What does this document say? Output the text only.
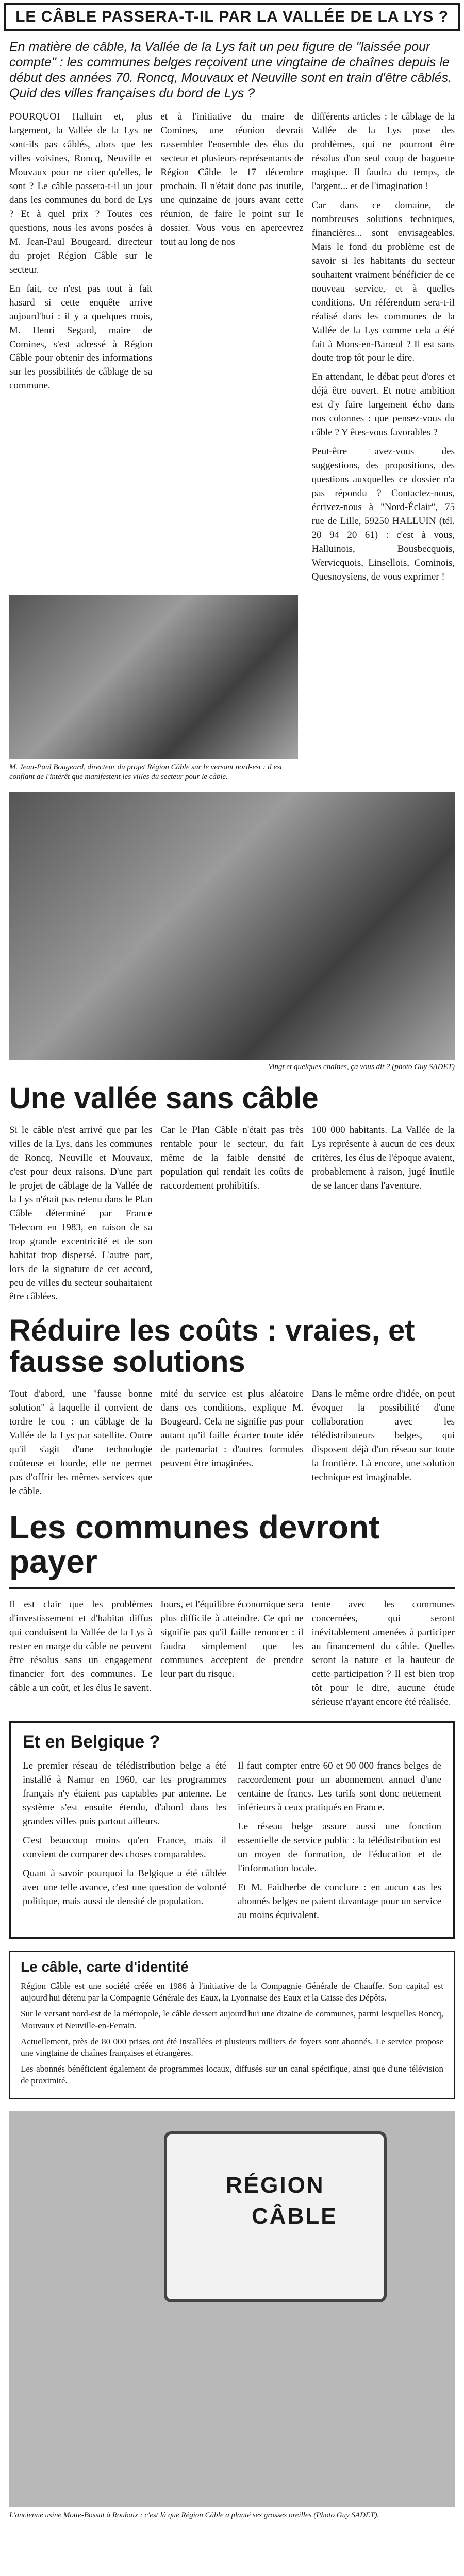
LE CÂBLE PASSERA-T-IL PAR LA VALLÉE DE LA LYS ?
En matière de câble, la Vallée de la Lys fait un peu figure de "laissée pour compte" : les communes belges reçoivent une vingtaine de chaînes depuis le début des années 70. Roncq, Mouvaux et Neuville sont en train d'être câblés. Quid des villes françaises du bord de Lys ?

POURQUOI Halluin et, plus largement, la Vallée de la Lys ne sont-ils pas câblés, alors que les villes voisines, Roncq, Neuville et Mouvaux pour ne citer qu'elles, le sont ? Le câble passera-t-il un jour dans les communes du bord de Lys ? Et à quel prix ? Toutes ces questions, nous les avons posées à M. Jean-Paul Bougeard, directeur du projet Région Câble sur le secteur.

En fait, ce n'est pas tout à fait hasard si cette enquête arrive aujourd'hui : il y a quelques mois, M. Henri Segard, maire de Comines, s'est adressé à Région Câble pour obtenir des informations sur les possibilités de câblage de sa commune.

et à l'initiative du maire de Comines, une réunion devrait rassembler l'ensemble des élus du secteur et plusieurs représentants de Région Câble le 17 décembre prochain. Il n'était donc pas inutile, une quinzaine de jours avant cette réunion, de faire le point sur le dossier. Vous vous en apercevrez tout au long de nos

différents articles : le câblage de la Vallée de la Lys pose des problèmes, qui ne pourront être résolus d'un seul coup de baguette magique. Il faudra du temps, de l'argent... et de l'imagination !

Car dans ce domaine, de nombreuses solutions techniques, financières... sont envisageables. Mais le fond du problème est de savoir si les habitants du secteur souhaitent vraiment bénéficier de ce nouveau service, et à quelles conditions. Un référendum sera-t-il réalisé dans les communes de la Vallée de la Lys comme cela a été fait à Mons-en-Barœul ? Il est sans doute trop tôt pour le dire.

En attendant, le débat peut d'ores et déjà être ouvert. Et notre ambition est d'y faire largement écho dans nos colonnes : que pensez-vous du câble ? Y êtes-vous favorables ?

Peut-être avez-vous des suggestions, des propositions, des questions auxquelles ce dossier n'a pas répondu ? Contactez-nous, écrivez-nous à "Nord-Éclair", 75 rue de Lille, 59250 HALLUIN (tél. 20 94 20 61) : c'est à vous, Halluinois, Bousbecquois, Wervicquois, Linsellois, Cominois, Quesnoysiens, de vous exprimer !

M. Jean-Paul Bougeard, directeur du projet Région Câble sur le versant nord-est : il est confiant de l'intérêt que manifestent les villes du secteur pour le câble.
Vingt et quelques chaînes, ça vous dit ? (photo Guy SADET)
Une vallée sans câble
Si le câble n'est arrivé que par les villes de la Lys, dans les communes de Roncq, Neuville et Mouvaux, c'est pour deux raisons. D'une part le projet de câblage de la Vallée de la Lys n'était pas retenu dans le Plan Câble déterminé par France Telecom en 1983, en raison de sa trop grande excentricité et de son habitat trop dispersé. L'autre part, lors de la signature de cet accord, peu de villes du secteur souhaitaient être câblées.
Car le Plan Câble n'était pas très rentable pour le secteur, du fait même de la faible densité de population qui rendait les coûts de raccordement prohibitifs.
100 000 habitants. La Vallée de la Lys représente à aucun de ces deux critères, les élus de l'époque avaient, probablement à raison, jugé inutile de se lancer dans l'aventure.
Réduire les coûts : vraies, et fausse solutions
Tout d'abord, une "fausse bonne solution" à laquelle il convient de tordre le cou : un câblage de la Vallée de la Lys par satellite. Outre qu'il s'agit d'une technologie coûteuse et lourde, elle ne permet pas d'offrir les mêmes services que le câble.
mité du service est plus aléatoire dans ces conditions, explique M. Bougeard. Cela ne signifie pas pour autant qu'il faille écarter toute idée de partenariat : d'autres formules peuvent être imaginées.
Dans le même ordre d'idée, on peut évoquer la possibilité d'une collaboration avec les télédistributeurs belges, qui disposent déjà d'un réseau sur toute la frontière. Là encore, une solution technique est imaginable.
Les communes devront payer
Il est clair que les problèmes d'investissement et d'habitat diffus qui conduisent la Vallée de la Lys à rester en marge du câble ne peuvent être résolus sans un engagement financier fort des communes. Le câble a un coût, et les élus le savent.
Iours, et l'équilibre économique sera plus difficile à atteindre. Ce qui ne signifie pas qu'il faille renoncer : il faudra simplement que les communes acceptent de prendre leur part du risque.
tente avec les communes concernées, qui seront inévitablement amenées à participer au financement du câble. Quelles seront la nature et la hauteur de cette participation ? Il est bien trop tôt pour le dire, aucune étude sérieuse n'ayant encore été réalisée.
Et en Belgique ?

Le premier réseau de télédistribution belge a été installé à Namur en 1960, car les programmes français n'y étaient pas captables par antenne. Le système s'est ensuite étendu, d'abord dans les grandes villes puis partout ailleurs.

C'est beaucoup moins qu'en France, mais il convient de comparer des choses comparables.

Quant à savoir pourquoi la Belgique a été câblée avec une telle avance, c'est une question de volonté politique, mais aussi de densité de population.

Il faut compter entre 60 et 90 000 francs belges de raccordement pour un abonnement annuel d'une centaine de francs. Les tarifs sont donc nettement inférieurs à ceux pratiqués en France.

Le réseau belge assure aussi une fonction essentielle de service public : la télédistribution est un moyen de formation, de l'éducation et de l'information locale.

Et M. Faidherbe de conclure : en aucun cas les abonnés belges ne paient davantage pour un service au moins équivalent.

Le câble, carte d'identité

Région Câble est une société créée en 1986 à l'initiative de la Compagnie Générale de Chauffe. Son capital est aujourd'hui détenu par la Compagnie Générale des Eaux, la Lyonnaise des Eaux et la Caisse des Dépôts.

Sur le versant nord-est de la métropole, le câble dessert aujourd'hui une dizaine de communes, parmi lesquelles Roncq, Mouvaux et Neuville-en-Ferrain.

Actuellement, près de 80 000 prises ont été installées et plusieurs milliers de foyers sont abonnés. Le service propose une vingtaine de chaînes françaises et étrangères.

Les abonnés bénéficient également de programmes locaux, diffusés sur un canal spécifique, ainsi que d'une télévision de proximité.

RÉGION
CÂBLE
L'ancienne usine Motte-Bossut à Roubaix : c'est là que Région Câble a planté ses grosses oreilles (Photo Guy SADET).
